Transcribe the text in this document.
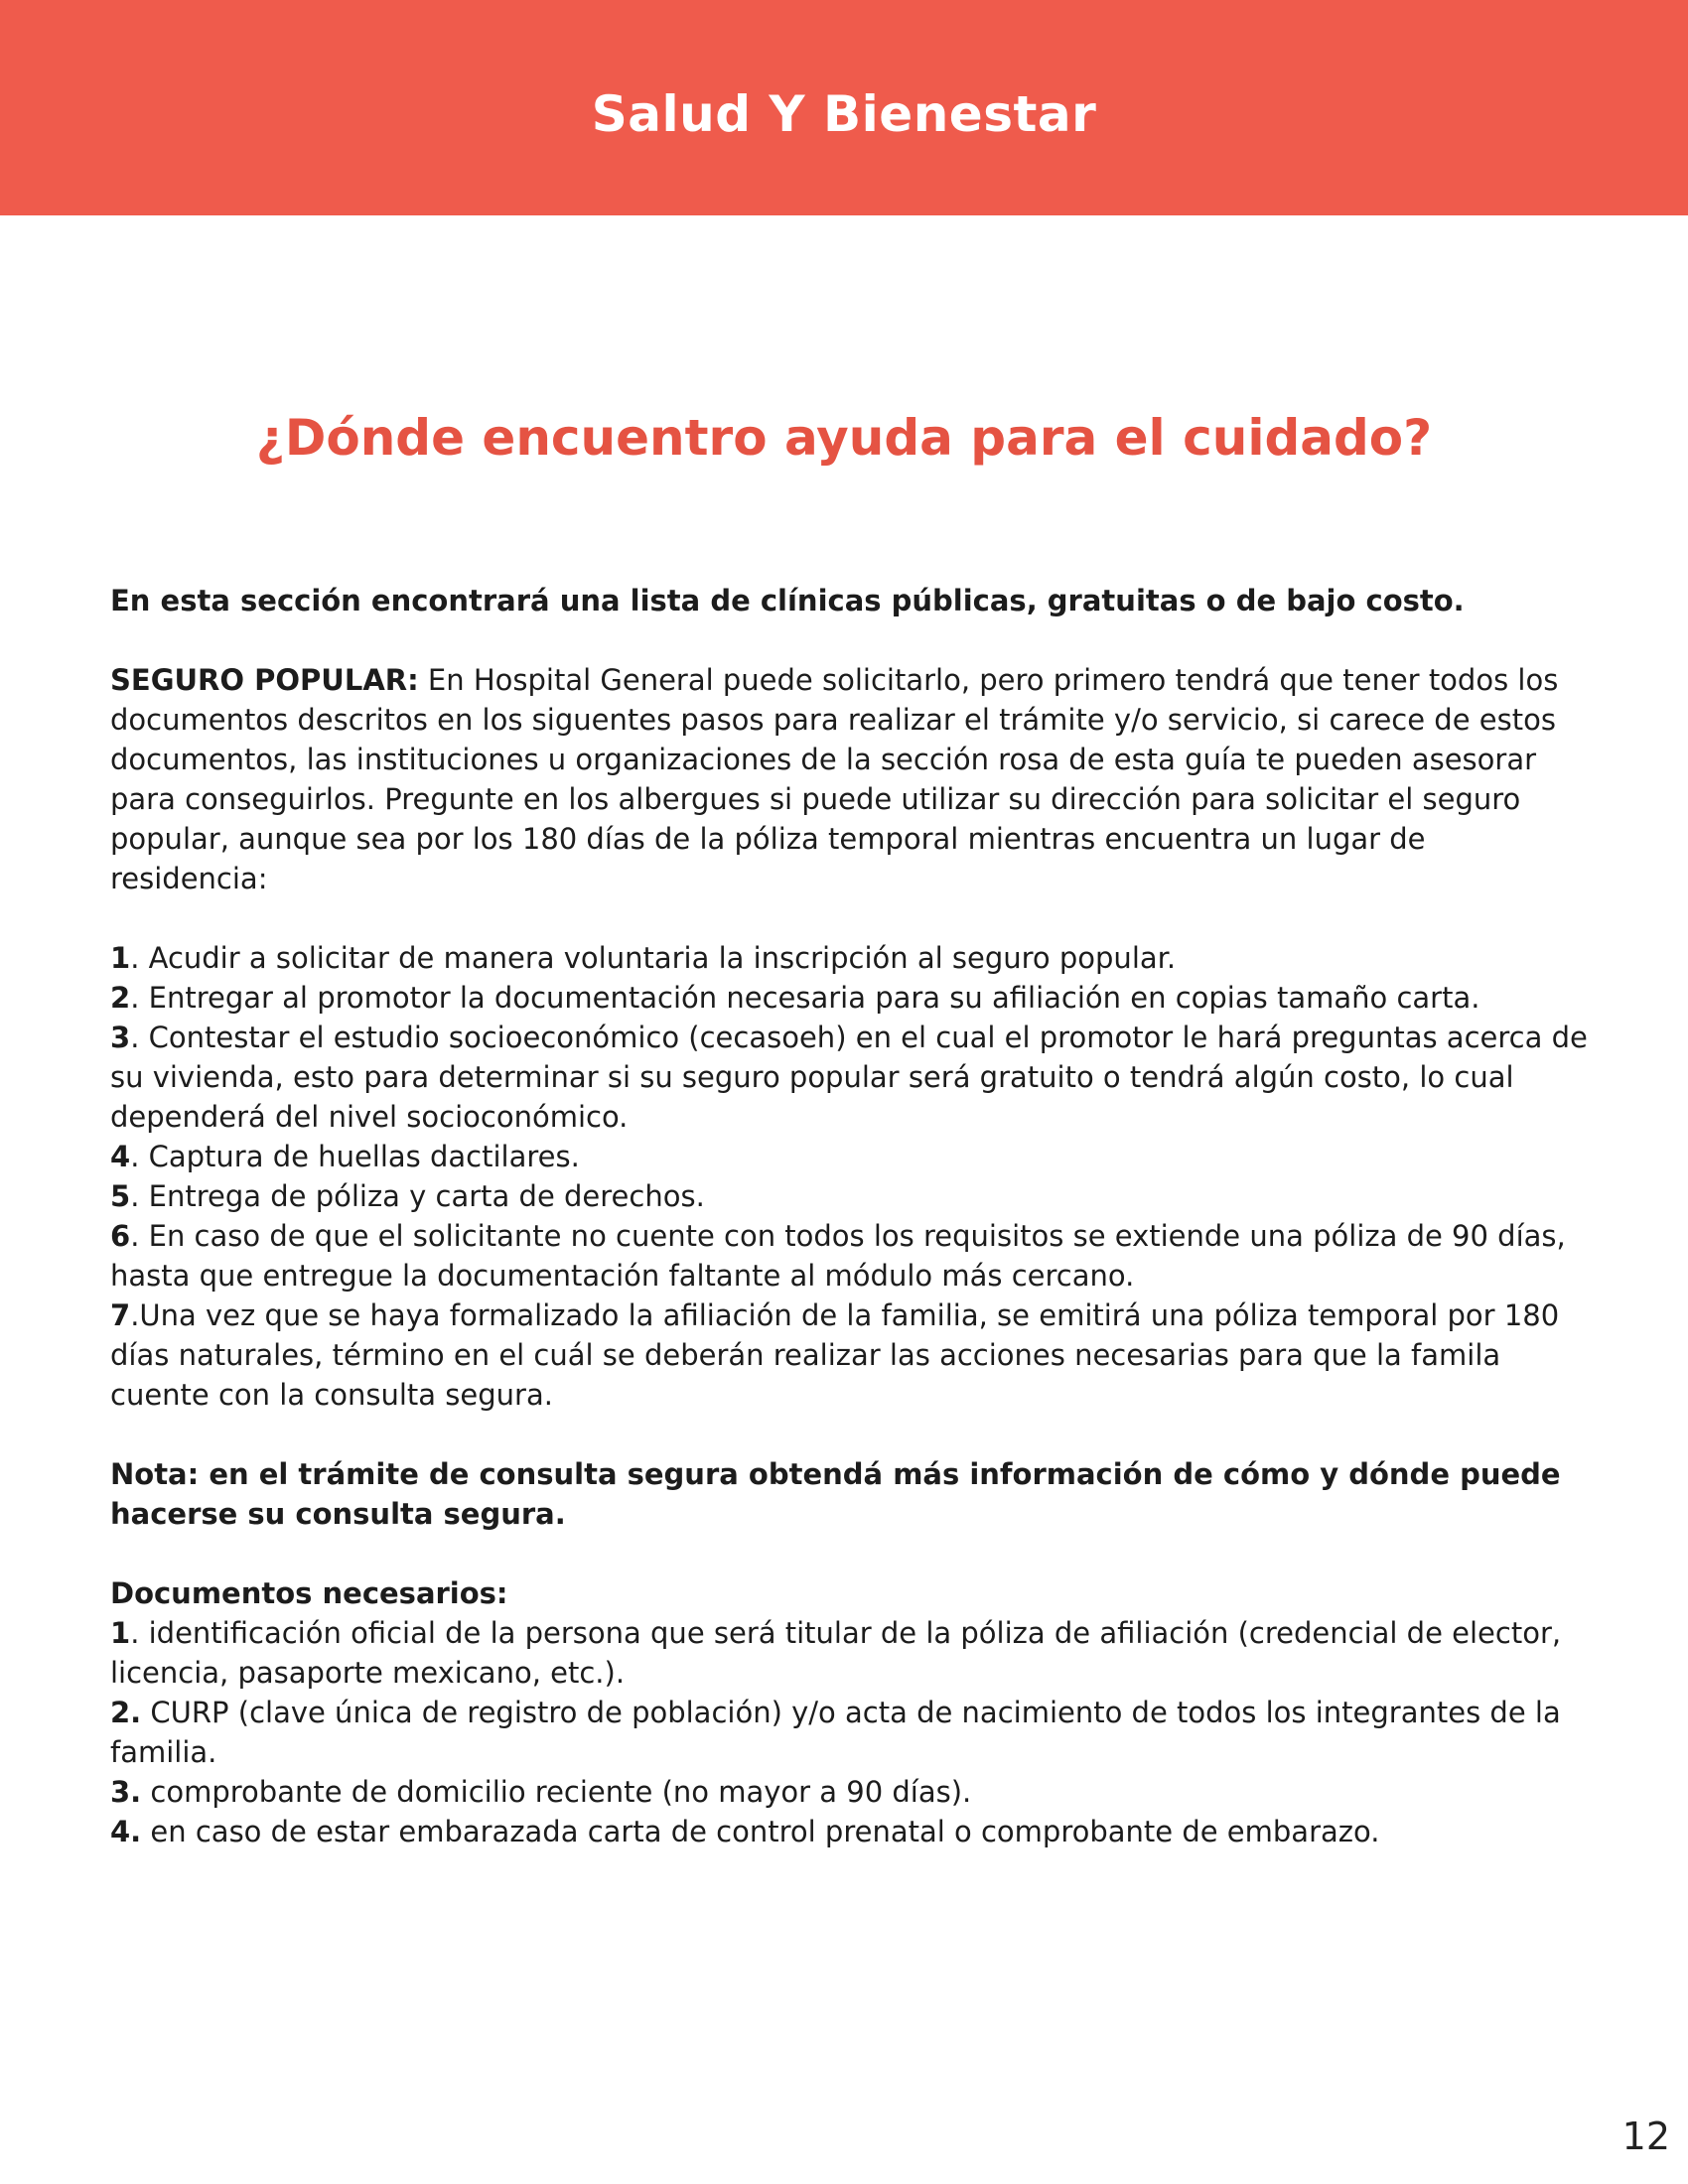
Salud Y Bienestar
¿Dónde encuentro ayuda para el cuidado?

En esta sección encontrará una lista de clínicas públicas, gratuitas o de bajo costo.

SEGURO POPULAR: En Hospital General puede solicitarlo, pero primero tendrá que tener todos los documentos descritos en los siguentes pasos para realizar el trámite y/o servicio, si carece de estos documentos, las instituciones u organizaciones de la sección rosa de esta guía te pueden asesorar para conseguirlos. Pregunte en los albergues si puede utilizar su dirección para solicitar el seguro popular, aunque sea por los 180 días de la póliza temporal mientras encuentra un lugar de residencia:

1. Acudir a solicitar de manera voluntaria la inscripción al seguro popular.

2. Entregar al promotor la documentación necesaria para su afiliación en copias tamaño carta.

3. Contestar el estudio socioeconómico (cecasoeh) en el cual el promotor le hará preguntas acerca de su vivienda, esto para determinar si su seguro popular será gratuito o tendrá algún costo, lo cual dependerá del nivel socioconómico.

4. Captura de huellas dactilares.

5. Entrega de póliza y carta de derechos.

6. En caso de que el solicitante no cuente con todos los requisitos se extiende una póliza de 90 días, hasta que entregue la documentación faltante al módulo más cercano.

7.Una vez que se haya formalizado la afiliación de la familia, se emitirá una póliza temporal por 180 días naturales, término en el cuál se deberán realizar las acciones necesarias para que la famila cuente con la consulta segura.

Nota: en el trámite de consulta segura obtendá más información de cómo y dónde puede hacerse su consulta segura.

Documentos necesarios:

1. identificación oficial de la persona que será titular de la póliza de afiliación (credencial de elector, licencia, pasaporte mexicano, etc.).

2. CURP (clave única de registro de población) y/o acta de nacimiento de todos los integrantes de la familia.

3. comprobante de domicilio reciente (no mayor a 90 días).

4. en caso de estar embarazada carta de control prenatal o comprobante de embarazo.

12
